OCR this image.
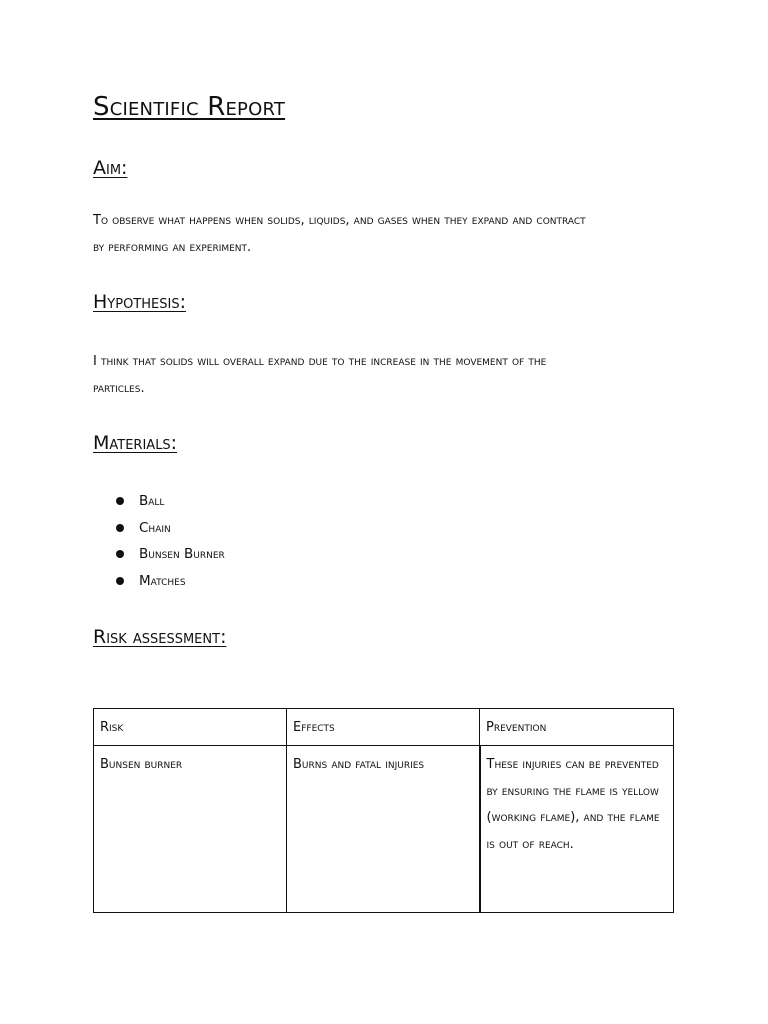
Scientific Report
Aim:
To observe what happens when solids, liquids, and gases when they expand and contract
by performing an experiment.
Hypothesis:
I think that solids will overall expand due to the increase in the movement of the
particles.
Materials:
Ball
Chain
Bunsen Burner
Matches
Risk assessment:
Risk	Effects	Prevention
Bunsen burner	Burns and fatal injuries	These injuries can be prevented by ensuring the flame is yellow (working flame), and the flame is out of reach.
